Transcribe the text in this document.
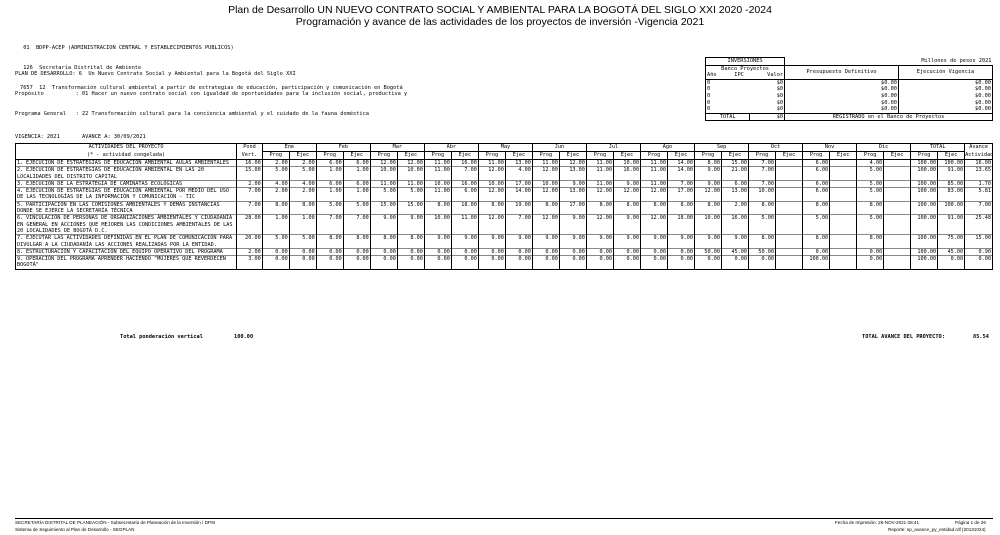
Plan de Desarrollo UN NUEVO CONTRATO SOCIAL Y AMBIENTAL PARA LA BOGOTÁ DEL SIGLO XXI 2020 -2024
Programación y avance de las actividades de los proyectos de inversión -Vigencia 2021

01  BDPP-ACEP (ADMINISTRACION CENTRAL Y ESTABLECIMIENTOS PUBLICOS)

126  Secretaría Distrital de Ambiente

7657  12  Transformación cultural ambiental a partir de estrategias de educación, participación y comunicación en Bogotá

PLAN DE DESARROLLO: 6  Un Nuevo Contrato Social y Ambiental para la Bogotá del Siglo XXI

Propósito          : 01 Hacer un nuevo contrato social con igualdad de oportunidades para la inclusión social, productiva y

Programa General   : 22 Transformación cultural para la conciencia ambiental y el cuidado de la fauna doméstica

INVERSIONES			Millones de pesos 2021	
Banco Proyectos			Presupuesto Definitivo	Ejecución Vigencia
Año	IPC	Valor		
0		$0	$0.00	$0.00
0		$0	$0.00	$0.00
0		$0	$0.00	$0.00
0		$0	$0.00	$0.00
0		$0	$0.00	$0.00
TOTAL		$0	REGISTRADO en el Banco de Proyectos	
VIGENCIA: 2021       AVANCE A: 30/09/2021
ACTIVIDADES DEL PROYECTO	Pond	Ene		Feb		Mar		Abr		May		Jun		Jul		Ago		Sep		Oct		Nov		Dic		TOTAL		Avance
(* - actividad congelada)	Vert.	Prog	Ejec	Prog	Ejec	Prog	Ejec	Prog	Ejec	Prog	Ejec	Prog	Ejec	Prog	Ejec	Prog	Ejec	Prog	Ejec	Prog	Ejec	Prog	Ejec	Prog	Ejec	Prog	Ejec	Actividad
1. EJECUCIÓN DE ESTRATEGIAS DE EDUCACIÓN AMBIENTAL AULAS AMBIENTALES	16.00	2.00	2.00	6.00	6.00	12.00	12.00	11.00	16.00	11.00	13.00	11.00	12.00	11.00	10.00	11.00	14.00	8.00	15.00	7.00		6.00		4.00		100.00	100.00	16.00
2. EJECUCIÓN DE ESTRATEGIAS DE EDUCACIÓN AMBIENTAL EN LAS 20 LOCALIDADES DEL DISTRITO CAPITAL	15.00	5.00	5.00	1.00	1.00	10.00	10.00	11.00	7.00	12.00	4.00	12.00	13.00	11.00	16.00	11.00	14.00	9.00	21.00	7.00		6.00		5.00		100.00	91.00	13.65
3. EJECUCIÓN DE LA ESTRATEGIA DE CAMINATAS ECOLÓGICAS	2.00	4.00	4.00	6.00	6.00	11.00	11.00	10.00	16.00	10.00	17.00	10.00	9.00	11.00	9.00	11.00	7.00	9.00	6.00	7.00		6.00		5.00		100.00	85.00	1.70
4. EJECUCIÓN DE ESTRATEGIAS DE EDUCACIÓN AMBIENTAL POR MEDIO DEL USO DE LAS TECNOLOGÍAS DE LA INFORMACIÓN Y COMUNICACIÓN - TIC	7.00	2.00	2.00	1.00	1.00	5.00	5.00	11.00	6.00	12.00	14.00	12.00	13.00	12.00	12.00	12.00	17.00	12.00	13.00	10.00		6.00		5.00		100.00	83.00	5.81
5. PARTICIPACIÓN EN LAS COMISIONES AMBIENTALES Y DEMÁS INSTANCIAS DONDE SE EJERCE LA SECRETARÍA TÉCNICA	7.00	8.00	8.00	5.00	5.00	15.00	15.00	8.00	18.00	8.00	19.00	8.00	17.00	8.00	8.00	8.00	8.00	8.00	2.00	8.00		8.00		8.00		100.00	100.00	7.00
6. VINCULACIÓN DE PERSONAS DE ORGANIZACIONES AMBIENTALES Y CIUDADANÍA EN GENERAL EN ACCIONES QUE MEJOREN LAS CONDICIONES AMBIENTALES DE LAS 20 LOCALIDADES DE BOGOTÁ D.C.	28.00	1.00	1.00	7.00	7.00	9.00	9.00	10.00	11.00	12.00	7.00	12.00	9.00	12.00	9.00	12.00	18.00	10.00	16.00	5.00		5.00		5.00		100.00	91.00	25.48
7. EJECUTAR LAS ACTIVIDADES DEFINIDAS EN EL PLAN DE COMUNICACIÓN PARA DIVULGAR A LA CIUDADANÍA LAS ACCIONES REALIZADAS POR LA ENTIDAD.	20.00	5.00	5.00	8.00	8.00	8.00	8.00	9.00	9.00	9.00	9.00	9.00	9.00	9.00	9.00	9.00	9.00	9.00	9.00	8.00		8.00		8.00		100.00	75.00	15.00
8. ESTRUCTURACIÓN Y CAPACITACIÓN DEL EQUIPO OPERATIVO DEL PROGRAMA	2.00	0.00	0.00	0.00	0.00	0.00	0.00	0.00	0.00	0.00	0.00	0.00	0.00	0.00	0.00	0.00	0.00	50.00	45.00	50.00		0.00		0.00		100.00	45.00	0.90
9. OPERACIÓN DEL PROGRAMA APRENDER HACIENDO "MUJERES QUE REVERDECEN BOGOTÁ"	3.00	0.00	0.00	0.00	0.00	0.00	0.00	0.00	0.00	0.00	0.00	0.00	0.00	0.00	0.00	0.00	0.00	0.00	0.00	0.00		100.00		0.00		100.00	0.00	0.00

Total ponderación vertical

	100.00

	TOTAL AVANCE DEL PROYECTO:

	85.54

SECRETARÍA DISTRITAL DE PLANEACIÓN - Subsecretaría de Planeación de la Inversión / DPSI
Sistema de Seguimiento al Plan de Desarrollo - SEGPLAN
Fecha de Impresión: 26-NOV-2021 08:41	Página 1 de 26
Reporte: sp_avance_py_entidad.rdf (20131024)
